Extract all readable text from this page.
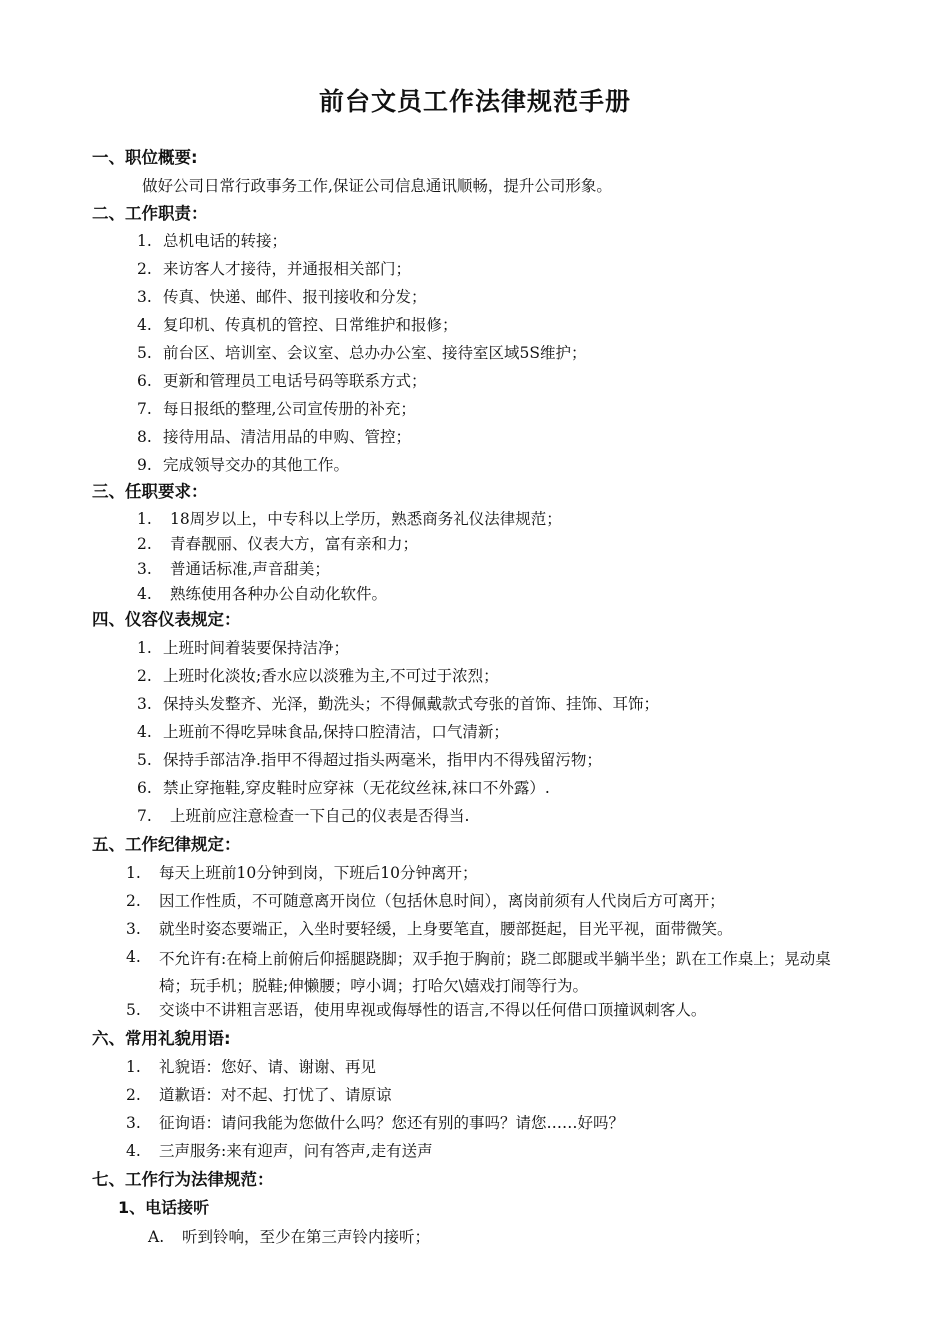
前台文员工作法律规范手册
一、职位概要:
做好公司日常行政事务工作,保证公司信息通讯顺畅，提升公司形象。
二、工作职责：
1. 总机电话的转接；
2. 来访客人才接待，并通报相关部门；
3. 传真、快递、邮件、报刊接收和分发；
4. 复印机、传真机的管控、日常维护和报修；
5. 前台区、培训室、会议室、总办办公室、接待室区域5S维护；
6. 更新和管理员工电话号码等联系方式；
7. 每日报纸的整理,公司宣传册的补充；
8. 接待用品、清洁用品的申购、管控；
9. 完成领导交办的其他工作。
三、任职要求：
1. 18周岁以上，中专科以上学历，熟悉商务礼仪法律规范；
2. 青春靓丽、仪表大方，富有亲和力；
3. 普通话标准,声音甜美；
4. 熟练使用各种办公自动化软件。
四、仪容仪表规定：
1. 上班时间着装要保持洁净；
2. 上班时化淡妆;香水应以淡雅为主,不可过于浓烈；
3. 保持头发整齐、光泽，勤洗头；不得佩戴款式夸张的首饰、挂饰、耳饰；
4. 上班前不得吃异味食品,保持口腔清洁，口气清新；
5. 保持手部洁净.指甲不得超过指头两毫米，指甲内不得残留污物；
6. 禁止穿拖鞋,穿皮鞋时应穿袜（无花纹丝袜,袜口不外露）.
7. 上班前应注意检查一下自己的仪表是否得当.
五、工作纪律规定：
1. 每天上班前10分钟到岗，下班后10分钟离开；
2. 因工作性质，不可随意离开岗位（包括休息时间），离岗前须有人代岗后方可离开；
3. 就坐时姿态要端正，入坐时要轻缓，上身要笔直，腰部挺起，目光平视，面带微笑。
4. 不允许有:在椅上前俯后仰摇腿跷脚；双手抱于胸前；跷二郎腿或半躺半坐；趴在工作桌上；晃动桌椅；玩手机；脱鞋;伸懒腰；哼小调；打哈欠\嬉戏打闹等行为。
5. 交谈中不讲粗言恶语，使用卑视或侮辱性的语言,不得以任何借口顶撞讽刺客人。
六、常用礼貌用语:
1. 礼貌语：您好、请、谢谢、再见
2. 道歉语：对不起、打忧了、请原谅
3. 征询语：请问我能为您做什么吗？您还有别的事吗？请您……好吗？
4. 三声服务:来有迎声，问有答声,走有送声
七、工作行为法律规范：
1、电话接听
A. 听到铃响，至少在第三声铃内接听；
